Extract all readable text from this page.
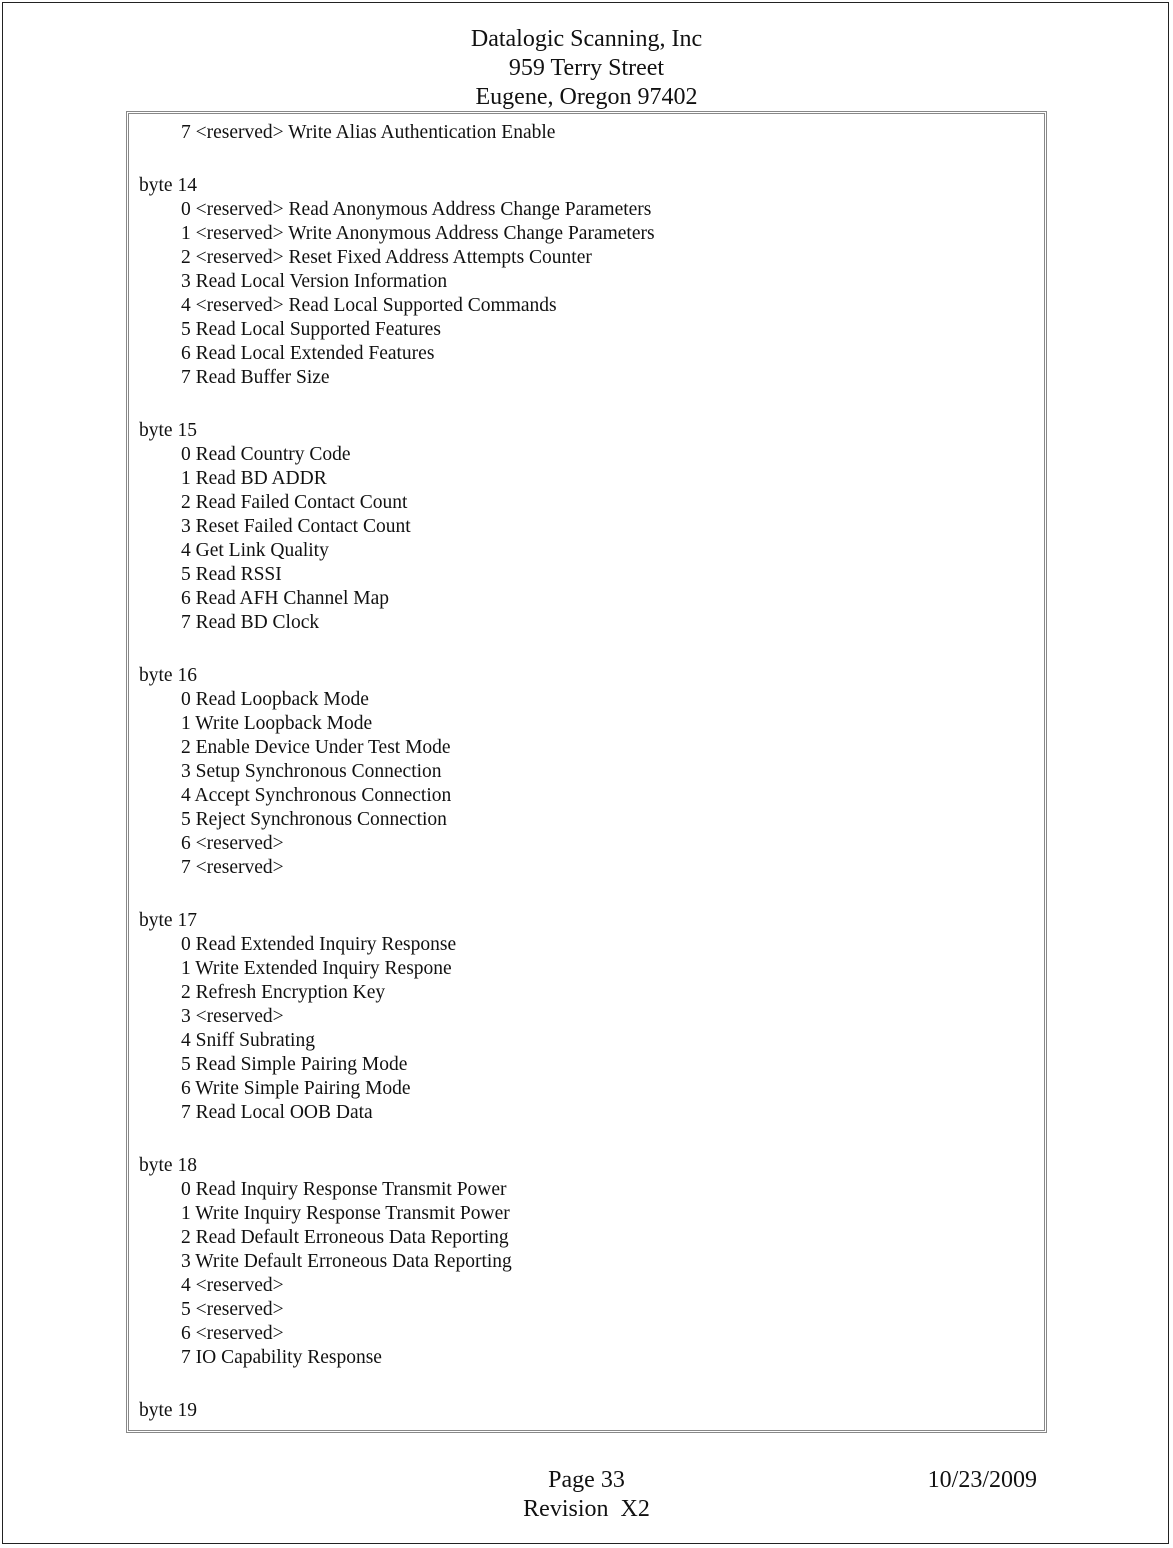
Datalogic Scanning, Inc
959 Terry Street
Eugene, Oregon 97402
7 <reserved> Write Alias Authentication Enable
byte 14
0 <reserved> Read Anonymous Address Change Parameters
1 <reserved> Write Anonymous Address Change Parameters
2 <reserved> Reset Fixed Address Attempts Counter
3 Read Local Version Information
4 <reserved> Read Local Supported Commands
5 Read Local Supported Features
6 Read Local Extended Features
7 Read Buffer Size
byte 15
0 Read Country Code
1 Read BD ADDR
2 Read Failed Contact Count
3 Reset Failed Contact Count
4 Get Link Quality
5 Read RSSI
6 Read AFH Channel Map
7 Read BD Clock
byte 16
0 Read Loopback Mode
1 Write Loopback Mode
2 Enable Device Under Test Mode
3 Setup Synchronous Connection
4 Accept Synchronous Connection
5 Reject Synchronous Connection
6 <reserved>
7 <reserved>
byte 17
0 Read Extended Inquiry Response
1 Write Extended Inquiry Respone
2 Refresh Encryption Key
3 <reserved>
4 Sniff Subrating
5 Read Simple Pairing Mode
6 Write Simple Pairing Mode
7 Read Local OOB Data
byte 18
0 Read Inquiry Response Transmit Power
1 Write Inquiry Response Transmit Power
2 Read Default Erroneous Data Reporting
3 Write Default Erroneous Data Reporting
4 <reserved>
5 <reserved>
6 <reserved>
7 IO Capability Response
byte 19
Page 33	10/23/2009
Revision  X2
